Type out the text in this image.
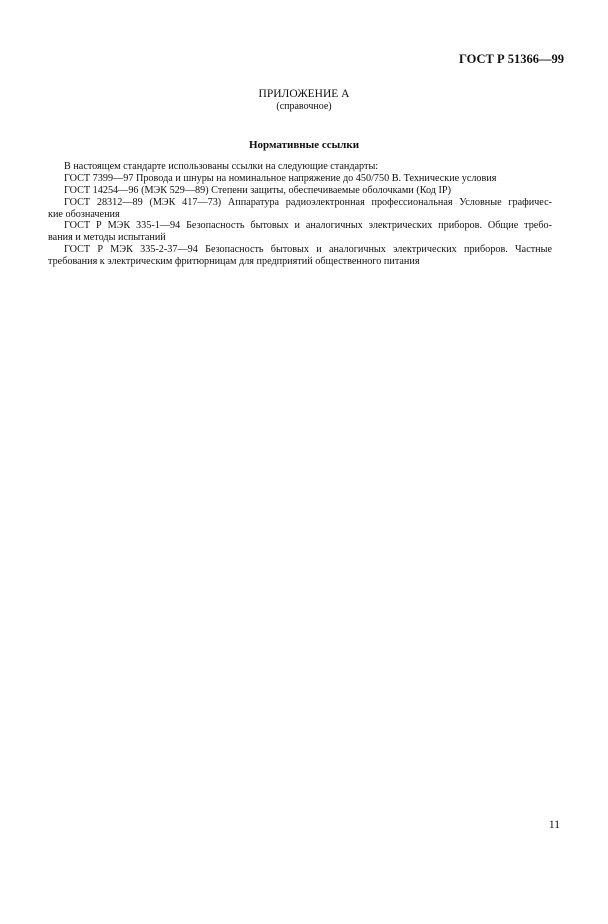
ГОСТ Р 51366—99
ПРИЛОЖЕНИЕ А
(справочное)
Нормативные ссылки
В настоящем стандарте использованы ссылки на следующие стандарты:
ГОСТ 7399—97 Провода и шнуры на номинальное напряжение до 450/750 В. Технические условия
ГОСТ 14254—96 (МЭК 529—89) Степени защиты, обеспечиваемые оболочками (Код IP)
ГОСТ 28312—89 (МЭК 417—73) Аппаратура радиоэлектронная профессиональная Условные графичес-
кие обозначения
ГОСТ Р МЭК 335-1—94 Безопасность бытовых и аналогичных электрических приборов. Общие требо-
вания и методы испытаний
ГОСТ Р МЭК 335-2-37—94 Безопасность бытовых и аналогичных электрических приборов. Частные
требования к электрическим фритюрницам для предприятий общественного питания
11
